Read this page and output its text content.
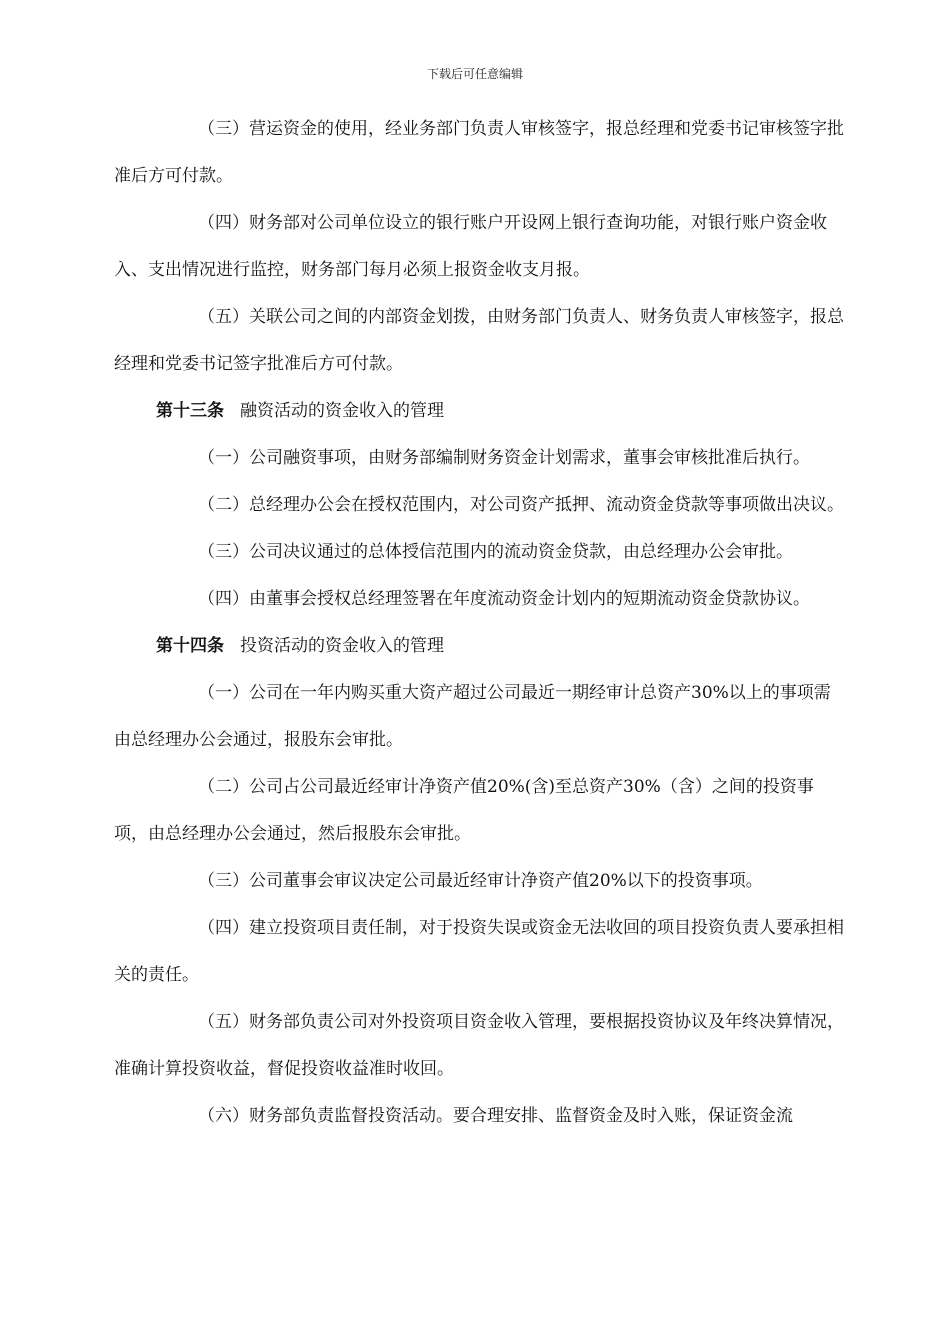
下载后可任意编辑

（三）营运资金的使用，经业务部门负责人审核签字，报总经理和党委书记审核签字批准后方可付款。

（四）财务部对公司单位设立的银行账户开设网上银行查询功能，对银行账户资金收入、支出情况进行监控，财务部门每月必须上报资金收支月报。

（五）关联公司之间的内部资金划拨，由财务部门负责人、财务负责人审核签字，报总经理和党委书记签字批准后方可付款。

第十三条 融资活动的资金收入的管理

（一）公司融资事项，由财务部编制财务资金计划需求，董事会审核批准后执行。

（二）总经理办公会在授权范围内，对公司资产抵押、流动资金贷款等事项做出决议。

（三）公司决议通过的总体授信范围内的流动资金贷款，由总经理办公会审批。

（四）由董事会授权总经理签署在年度流动资金计划内的短期流动资金贷款协议。

第十四条 投资活动的资金收入的管理

（一）公司在一年内购买重大资产超过公司最近一期经审计总资产30%以上的事项需由总经理办公会通过，报股东会审批。

（二）公司占公司最近经审计净资产值20%(含)至总资产30%（含）之间的投资事项，由总经理办公会通过，然后报股东会审批。

（三）公司董事会审议决定公司最近经审计净资产值20%以下的投资事项。

（四）建立投资项目责任制，对于投资失误或资金无法收回的项目投资负责人要承担相关的责任。

（五）财务部负责公司对外投资项目资金收入管理，要根据投资协议及年终决算情况，准确计算投资收益，督促投资收益准时收回。

（六）财务部负责监督投资活动。要合理安排、监督资金及时入账，保证资金流
